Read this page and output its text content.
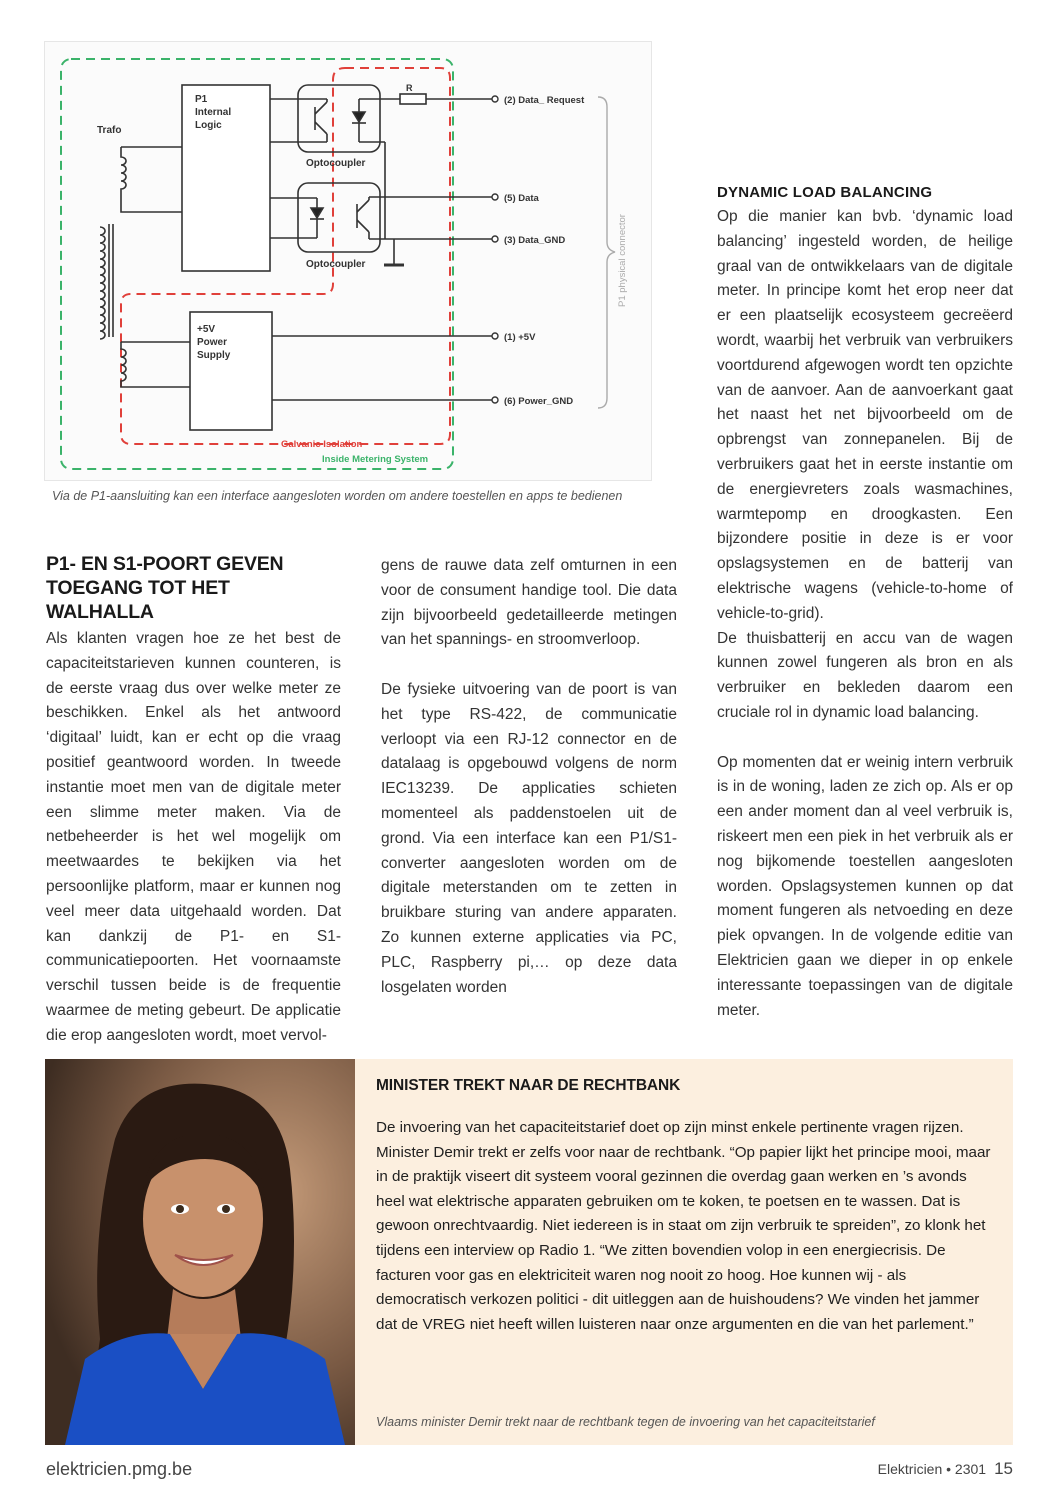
Trafo
P1
Internal
Logic
Optocoupler
R
Optocoupler
+5V
Power
Supply
(2) Data_ Request
(5) Data
(3) Data_GND
(1) +5V
(6) Power_GND
P1 physical connector
Galvanic Isolation
Inside Metering System
Via de P1-aansluiting kan een interface aangesloten worden om andere toestellen en apps te bedienen
P1- EN S1-POORT GEVEN
TOEGANG TOT HET WALHALLA

Als klanten vragen hoe ze het best de capaciteitstarieven kunnen counteren, is de eerste vraag dus over welke meter ze beschikken. Enkel als het antwoord ‘digitaal’ luidt, kan er echt op die vraag positief geantwoord worden. In tweede instantie moet men van de digitale meter een slimme meter maken. Via de netbeheerder is het wel mogelijk om meetwaardes te bekijken via het persoonlijke platform, maar er kunnen nog veel meer data uitgehaald worden. Dat kan dankzij de P1- en S1-communicatiepoorten. Het voornaamste verschil tussen beide is de frequentie waarmee de meting gebeurt. De applicatie die erop aangesloten wordt, moet vervol-

gens de rauwe data zelf omturnen in een voor de consument handige tool. Die data zijn bijvoorbeeld gedetailleerde metingen van het spannings- en stroomverloop.

De fysieke uitvoering van de poort is van het type RS-422, de communicatie verloopt via een RJ-12 connector en de datalaag is opgebouwd volgens de norm IEC13239. De applicaties schieten momenteel als paddenstoelen uit de grond. Via een interface kan een P1/S1-converter aangesloten worden om de digitale meterstanden om te zetten in bruikbare sturing van andere apparaten. Zo kunnen externe applicaties via PC, PLC, Raspberry pi,… op deze data losgelaten worden

DYNAMIC LOAD BALANCING

Op die manier kan bvb. ‘dynamic load balancing’ ingesteld worden, de heilige graal van de ontwikkelaars van de digitale meter. In principe komt het erop neer dat er een plaatselijk ecosysteem gecreëerd wordt, waarbij het verbruik van verbruikers voortdurend afgewogen wordt ten opzichte van de aanvoer. Aan de aanvoerkant gaat het naast het net bijvoorbeeld om de opbrengst van zonnepanelen. Bij de verbruikers gaat het in eerste instantie om de energievreters zoals wasmachines, warmtepomp en droogkasten. Een bijzondere positie in deze is er voor opslagsystemen en de batterij van elektrische wagens (vehicle-to-home of vehicle-to-grid).

De thuisbatterij en accu van de wagen kunnen zowel fungeren als bron en als verbruiker en bekleden daarom een cruciale rol in dynamic load balancing.

Op momenten dat er weinig intern verbruik is in de woning, laden ze zich op. Als er op een ander moment dan al veel verbruik is, riskeert men een piek in het verbruik als er nog bijkomende toestellen aangesloten worden. Opslagsystemen kunnen op dat moment fungeren als netvoeding en deze piek opvangen. In de volgende editie van Elektricien gaan we dieper in op enkele interessante toepassingen van de digitale meter.

MINISTER TREKT NAAR DE RECHTBANK

De invoering van het capaciteitstarief doet op zijn minst enkele pertinente vragen rijzen. Minister Demir trekt er zelfs voor naar de rechtbank. “Op papier lijkt het principe mooi, maar in de praktijk viseert dit systeem vooral gezinnen die overdag gaan werken en ’s avonds heel wat elektrische apparaten gebruiken om te koken, te poetsen en te wassen. Dat is gewoon onrechtvaardig. Niet iedereen is in staat om zijn verbruik te spreiden”, zo klonk het tijdens een interview op Radio 1. “We zitten bovendien volop in een energiecrisis. De facturen voor gas en elektriciteit waren nog nooit zo hoog. Hoe kunnen wij - als democratisch verkozen politici - dit uitleggen aan de huishoudens? We vinden het jammer dat de VREG niet heeft willen luisteren naar onze argumenten en die van het parlement.”

Vlaams minister Demir trekt naar de rechtbank tegen de invoering van het capaciteitstarief
elektricien.pmg.be	Elektricien • 2301 15
